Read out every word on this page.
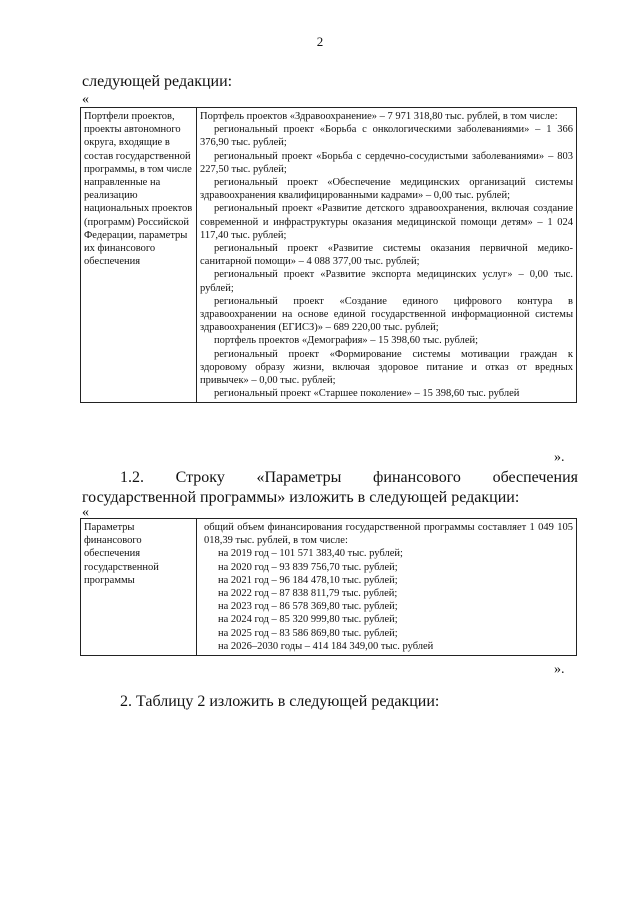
2

следующей редакции:

«
Портфели проектов, проекты автономного округа, входящие в состав государственной программы, в том числе направленные на реализацию национальных проектов (программ) Российской Федерации, параметры их финансового обеспечения

Портфель проектов «Здравоохранение» – 7 971 318,80 тыс. рублей, в том числе:
региональный проект «Борьба с онкологическими заболеваниями» – 1 366 376,90 тыс. рублей;
региональный проект «Борьба с сердечно-сосудистыми заболеваниями» – 803 227,50 тыс. рублей;
региональный проект «Обеспечение медицинских организаций системы здравоохранения квалифицированными кадрами» – 0,00 тыс. рублей;
региональный проект «Развитие детского здравоохранения, включая создание современной и инфраструктуры оказания медицинской помощи детям» – 1 024 117,40 тыс. рублей;
региональный проект «Развитие системы оказания первичной медико-санитарной помощи» – 4 088 377,00 тыс. рублей;
региональный проект «Развитие экспорта медицинских услуг» – 0,00 тыс. рублей;
региональный проект «Создание единого цифрового контура в здравоохранении на основе единой государственной информационной системы здравоохранения (ЕГИСЗ)» – 689 220,00 тыс. рублей;
портфель проектов «Демография» – 15 398,60 тыс. рублей;
региональный проект «Формирование системы мотивации граждан к здоровому образу жизни, включая здоровое питание и отказ от вредных привычек» – 0,00 тыс. рублей;
региональный проект «Старшее поколение» – 15 398,60 тыс. рублей
».

1.2. Строку «Параметры финансового обеспечения государственной программы» изложить в следующей редакции:

«
Параметры финансового обеспечения государственной программы

общий объем финансирования государственной программы составляет 1 049 105 018,39 тыс. рублей, в том числе:
на 2019 год – 101 571 383,40 тыс. рублей;
на 2020 год – 93 839 756,70 тыс. рублей;
на 2021 год – 96 184 478,10 тыс. рублей;
на 2022 год – 87 838 811,79 тыс. рублей;
на 2023 год – 86 578 369,80 тыс. рублей;
на 2024 год – 85 320 999,80 тыс. рублей;
на 2025 год – 83 586 869,80 тыс. рублей;
на 2026–2030 годы – 414 184 349,00 тыс. рублей
».

2. Таблицу 2 изложить в следующей редакции:
